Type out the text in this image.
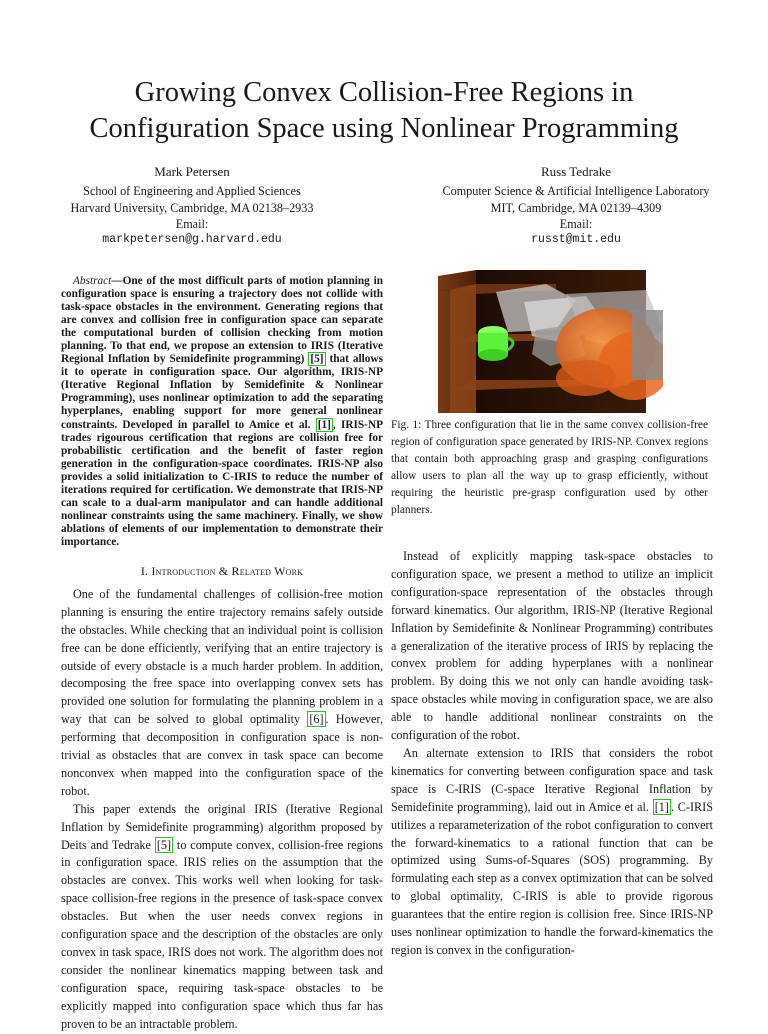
Growing Convex Collision-Free Regions in
Configuration Space using Nonlinear Programming
Mark Petersen
School of Engineering and Applied Sciences
Harvard University, Cambridge, MA 02138–2933
Email:
markpetersen@g.harvard.edu
Russ Tedrake
Computer Science & Artificial Intelligence Laboratory
MIT, Cambridge, MA 02139–4309
Email:
russt@mit.edu

Abstract—One of the most difficult parts of motion planning in configuration space is ensuring a trajectory does not collide with task-space obstacles in the environment. Generating regions that are convex and collision free in configuration space can separate the computational burden of collision checking from motion planning. To that end, we propose an extension to IRIS (Iterative Regional Inflation by Semidefinite programming) [5] that allows it to operate in configuration space. Our algorithm, IRIS-NP (Iterative Regional Inflation by Semidefinite & Nonlinear Programming), uses nonlinear optimization to add the separating hyperplanes, enabling support for more general nonlinear constraints. Developed in parallel to Amice et al. [1] , IRIS-NP trades rigourous certification that regions are collision free for probabilistic certification and the benefit of faster region generation in the configuration-space coordinates. IRIS-NP also provides a solid initialization to C-IRIS to reduce the number of iterations required for certification. We demonstrate that IRIS-NP can scale to a dual-arm manipulator and can handle additional nonlinear constraints using the same machinery. Finally, we show ablations of elements of our implementation to demonstrate their importance.

I. Introduction & Related Work

One of the fundamental challenges of collision-free motion planning is ensuring the entire trajectory remains safely outside the obstacles. While checking that an individual point is collision free can be done efficiently, verifying that an entire trajectory is outside of every obstacle is a much harder problem. In addition, decomposing the free space into overlapping convex sets has provided one solution for formulating the planning problem in a way that can be solved to global optimality [6] . However, performing that decomposition in configuration space is non-trivial as obstacles that are convex in task space can become nonconvex when mapped into the configuration space of the robot.

This paper extends the original IRIS (Iterative Regional Inflation by Semidefinite programming) algorithm proposed by Deits and Tedrake [5] to compute convex, collision-free regions in configuration space. IRIS relies on the assumption that the obstacles are convex. This works well when looking for task-space collision-free regions in the presence of task-space convex obstacles. But when the user needs convex regions in configuration space and the description of the obstacles are only convex in task space, IRIS does not work. The algorithm does not consider the nonlinear kinematics mapping between task and configuration space, requiring task-space obstacles to be explicitly mapped into configuration space which thus far has proven to be an intractable problem.

Fig. 1: Three configuration that lie in the same convex collision-free region of configuration space generated by IRIS-NP. Convex regions that contain both approaching grasp and grasping configurations allow users to plan all the way up to grasp efficiently, without requiring the heuristic pre-grasp configuration used by other planners.

Instead of explicitly mapping task-space obstacles to configuration space, we present a method to utilize an implicit configuration-space representation of the obstacles through forward kinematics. Our algorithm, IRIS-NP (Iterative Regional Inflation by Semidefinite & Nonlinear Programming) contributes a generalization of the iterative process of IRIS by replacing the convex problem for adding hyperplanes with a nonlinear problem. By doing this we not only can handle avoiding task-space obstacles while moving in configuration space, we are also able to handle additional nonlinear constraints on the configuration of the robot.

An alternate extension to IRIS that considers the robot kinematics for converting between configuration space and task space is C-IRIS (C-space Iterative Regional Inflation by Semidefinite programming), laid out in Amice et al. [1] . C-IRIS utilizes a reparameterization of the robot configuration to convert the forward-kinematics to a rational function that can be optimized using Sums-of-Squares (SOS) programming. By formulating each step as a convex optimization that can be solved to global optimality, C-IRIS is able to provide rigorous guarantees that the entire region is collision free. Since IRIS-NP uses nonlinear optimization to handle the forward-kinematics the region is convex in the configuration-
